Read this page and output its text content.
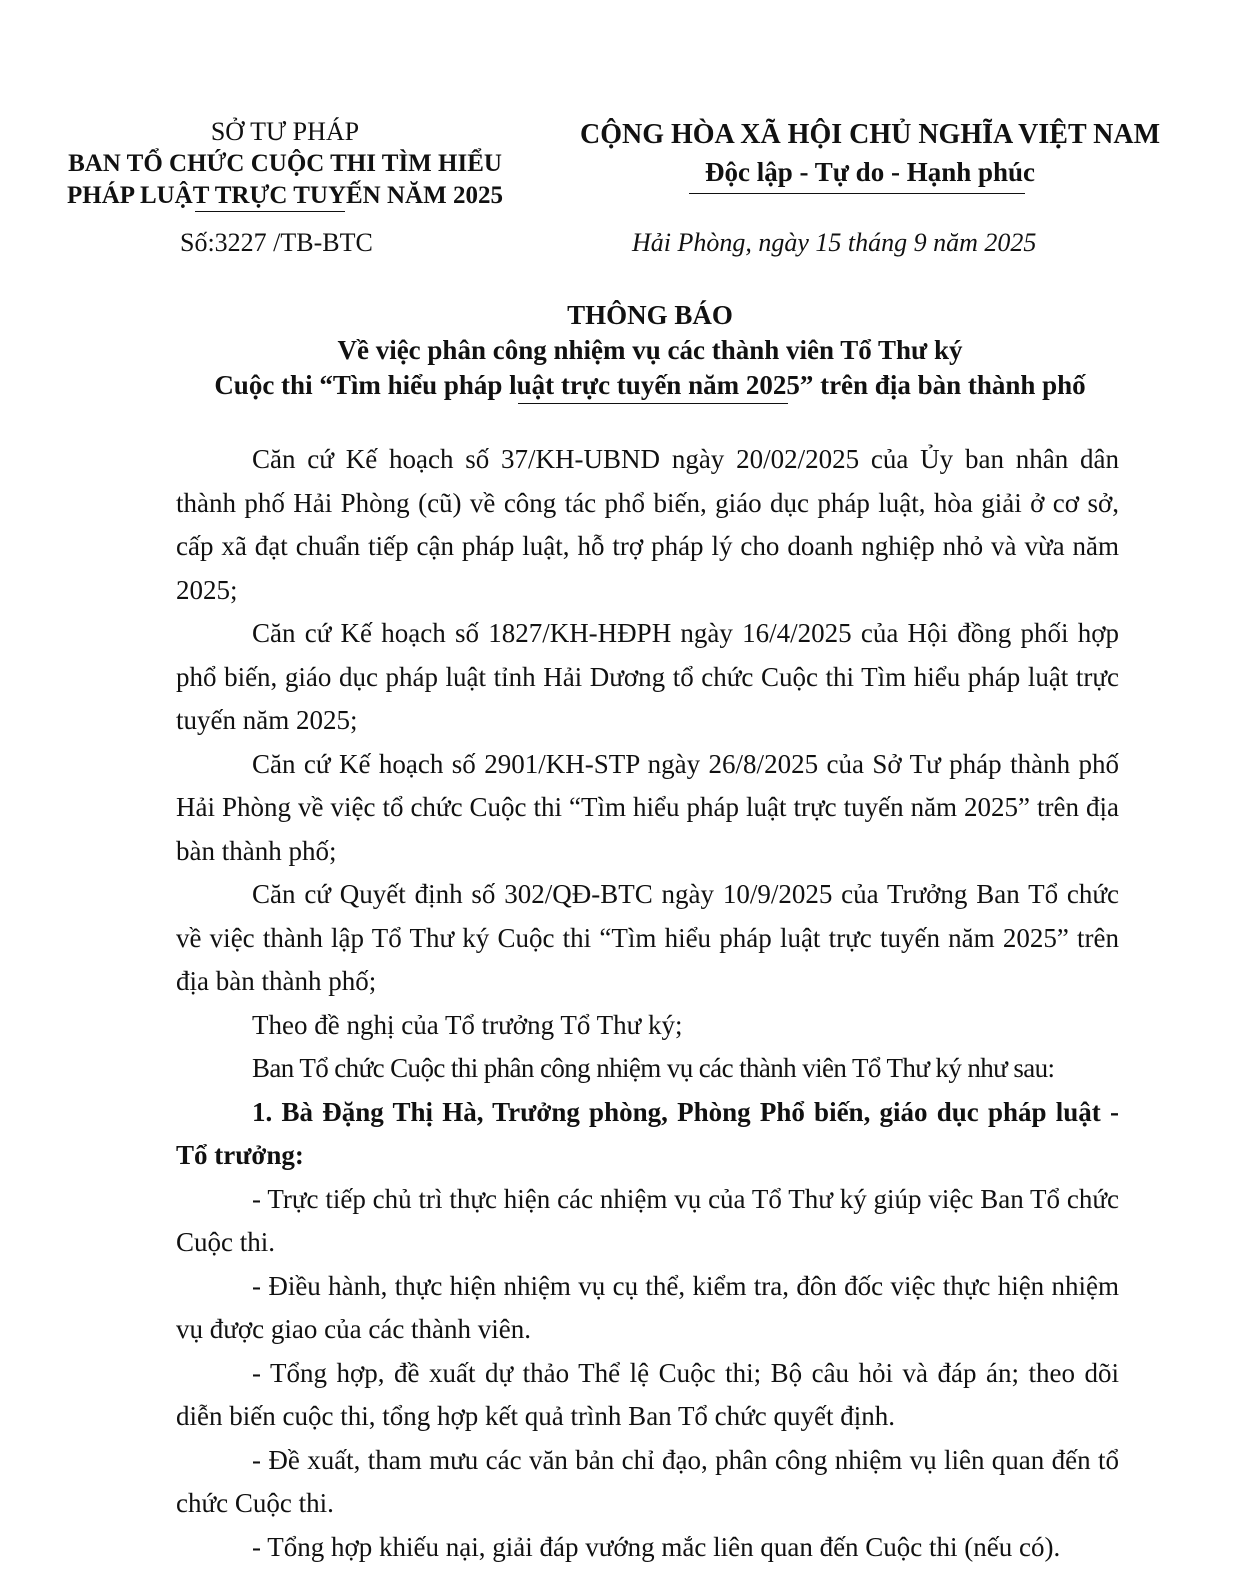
SỞ TƯ PHÁP
BAN TỔ CHỨC CUỘC THI TÌM HIỂU
PHÁP LUẬT TRỰC TUYẾN NĂM 2025
CỘNG HÒA XÃ HỘI CHỦ NGHĨA VIỆT NAM
Độc lập - Tự do - Hạnh phúc
Số:3227 /TB-BTC	Hải Phòng, ngày 15 tháng 9 năm 2025
THÔNG BÁO
Về việc phân công nhiệm vụ các thành viên Tổ Thư ký
Cuộc thi “Tìm hiểu pháp luật trực tuyến năm 2025” trên địa bàn thành phố

Căn cứ Kế hoạch số 37/KH-UBND ngày 20/02/2025 của Ủy ban nhân dân thành phố Hải Phòng (cũ) về công tác phổ biến, giáo dục pháp luật, hòa giải ở cơ sở, cấp xã đạt chuẩn tiếp cận pháp luật, hỗ trợ pháp lý cho doanh nghiệp nhỏ và vừa năm 2025;

Căn cứ Kế hoạch số 1827/KH-HĐPH ngày 16/4/2025 của Hội đồng phối hợp phổ biến, giáo dục pháp luật tỉnh Hải Dương tổ chức Cuộc thi Tìm hiểu pháp luật trực tuyến năm 2025;

Căn cứ Kế hoạch số 2901/KH-STP ngày 26/8/2025 của Sở Tư pháp thành phố Hải Phòng về việc tổ chức Cuộc thi “Tìm hiểu pháp luật trực tuyến năm 2025” trên địa bàn thành phố;

Căn cứ Quyết định số 302/QĐ-BTC ngày 10/9/2025 của Trưởng Ban Tổ chức về việc thành lập Tổ Thư ký Cuộc thi “Tìm hiểu pháp luật trực tuyến năm 2025” trên địa bàn thành phố;

Theo đề nghị của Tổ trưởng Tổ Thư ký;

Ban Tổ chức Cuộc thi phân công nhiệm vụ các thành viên Tổ Thư ký như sau:

1. Bà Đặng Thị Hà, Trưởng phòng, Phòng Phổ biến, giáo dục pháp luật - Tổ trưởng:

- Trực tiếp chủ trì thực hiện các nhiệm vụ của Tổ Thư ký giúp việc Ban Tổ chức Cuộc thi.

- Điều hành, thực hiện nhiệm vụ cụ thể, kiểm tra, đôn đốc việc thực hiện nhiệm vụ được giao của các thành viên.

- Tổng hợp, đề xuất dự thảo Thể lệ Cuộc thi; Bộ câu hỏi và đáp án; theo dõi diễn biến cuộc thi, tổng hợp kết quả trình Ban Tổ chức quyết định.

- Đề xuất, tham mưu các văn bản chỉ đạo, phân công nhiệm vụ liên quan đến tổ chức Cuộc thi.

- Tổng hợp khiếu nại, giải đáp vướng mắc liên quan đến Cuộc thi (nếu có).
